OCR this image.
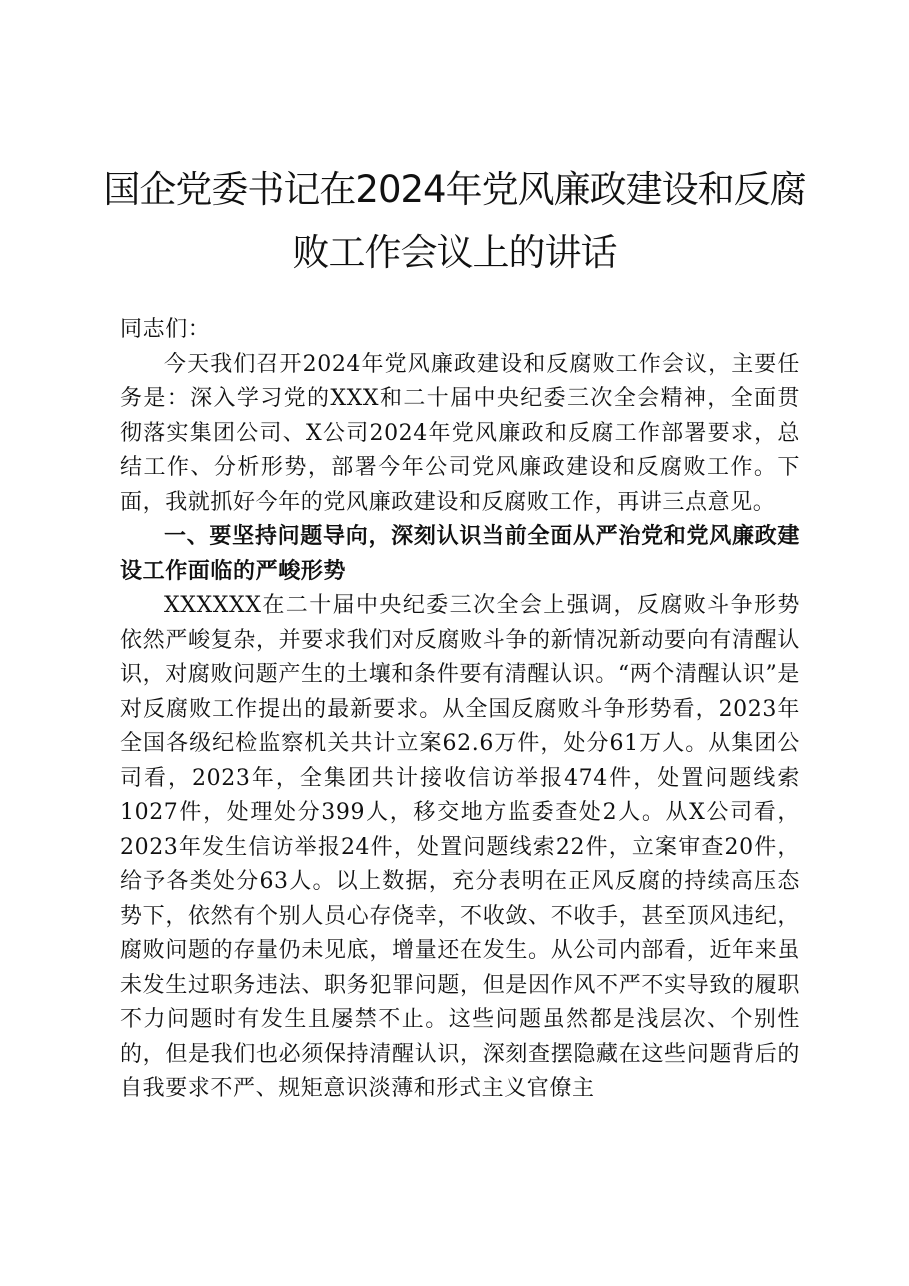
国企党委书记在2024年党风廉政建设和反腐
败工作会议上的讲话

同志们：

今天我们召开2024年党风廉政建设和反腐败工作会议，主要任务是：深入学习党的XXX和二十届中央纪委三次全会精神，全面贯彻落实集团公司、X公司2024年党风廉政和反腐工作部署要求，总结工作、分析形势，部署今年公司党风廉政建设和反腐败工作。下面，我就抓好今年的党风廉政建设和反腐败工作，再讲三点意见。

一、要坚持问题导向，深刻认识当前全面从严治党和党风廉政建设工作面临的严峻形势

XXXXXX在二十届中央纪委三次全会上强调，反腐败斗争形势依然严峻复杂，并要求我们对反腐败斗争的新情况新动要向有清醒认识，对腐败问题产生的土壤和条件要有清醒认识。“两个清醒认识”是对反腐败工作提出的最新要求。从全国反腐败斗争形势看，2023年全国各级纪检监察机关共计立案62.6万件，处分61万人。从集团公司看，2023年，全集团共计接收信访举报474件，处置问题线索1027件，处理处分399人，移交地方监委查处2人。从X公司看，2023年发生信访举报24件，处置问题线索22件，立案审查20件，给予各类处分63人。以上数据，充分表明在正风反腐的持续高压态势下，依然有个别人员心存侥幸，不收敛、不收手，甚至顶风违纪，腐败问题的存量仍未见底，增量还在发生。从公司内部看，近年来虽未发生过职务违法、职务犯罪问题，但是因作风不严不实导致的履职不力问题时有发生且屡禁不止。这些问题虽然都是浅层次、个别性的，但是我们也必须保持清醒认识，深刻查摆隐藏在这些问题背后的自我要求不严、规矩意识淡薄和形式主义官僚主
